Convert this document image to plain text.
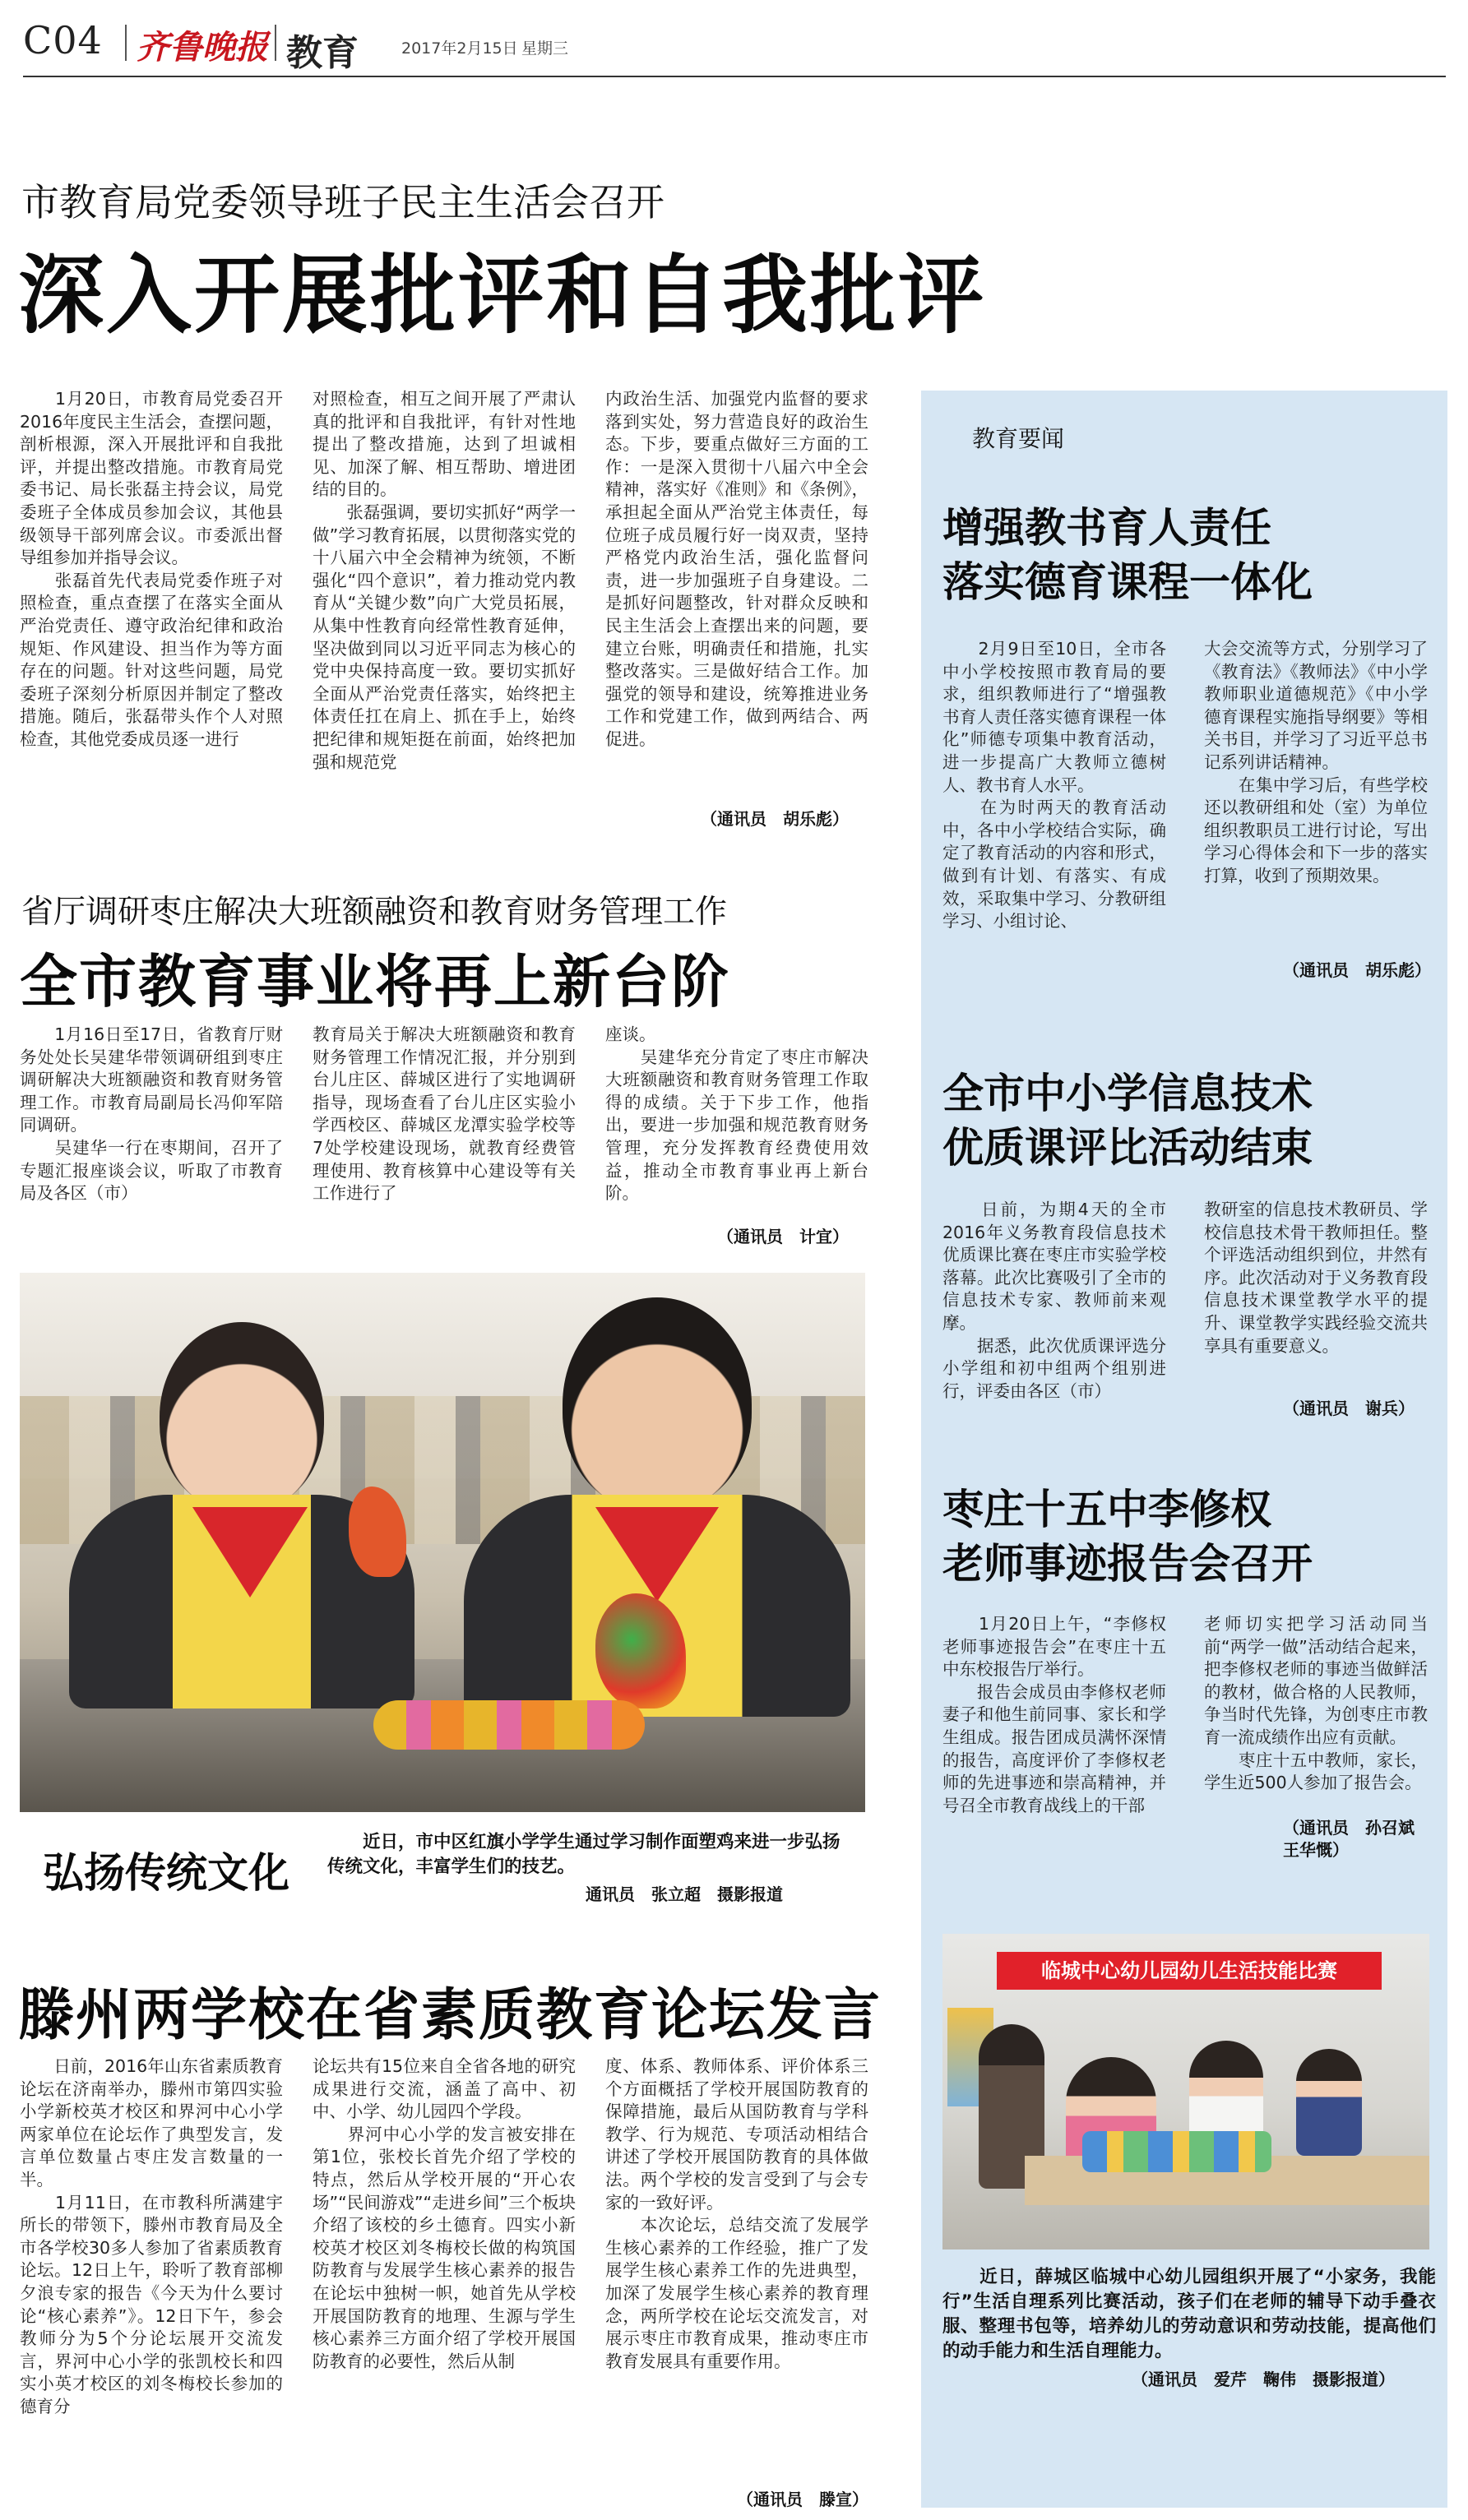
C04 齐鲁晚报 教育	2017年2月15日 星期三
市教育局党委领导班子民主生活会召开
深入开展批评和自我批评
　　1月20日，市教育局党委召开2016年度民主生活会，查摆问题，剖析根源，深入开展批评和自我批评，并提出整改措施。市教育局党委书记、局长张磊主持会议，局党委班子全体成员参加会议，其他县级领导干部列席会议。市委派出督导组参加并指导会议。
　　张磊首先代表局党委作班子对照检查，重点查摆了在落实全面从严治党责任、遵守政治纪律和政治规矩、作风建设、担当作为等方面存在的问题。针对这些问题，局党委班子深刻分析原因并制定了整改措施。随后，张磊带头作个人对照检查，其他党委成员逐一进行
对照检查，相互之间开展了严肃认真的批评和自我批评，有针对性地提出了整改措施，达到了坦诚相见、加深了解、相互帮助、增进团结的目的。
　　张磊强调，要切实抓好“两学一做”学习教育拓展，以贯彻落实党的十八届六中全会精神为统领，不断强化“四个意识”，着力推动党内教育从“关键少数”向广大党员拓展，从集中性教育向经常性教育延伸，坚决做到同以习近平同志为核心的党中央保持高度一致。要切实抓好全面从严治党责任落实，始终把主体责任扛在肩上、抓在手上，始终把纪律和规矩挺在前面，始终把加强和规范党
内政治生活、加强党内监督的要求落到实处，努力营造良好的政治生态。下步，要重点做好三方面的工作：一是深入贯彻十八届六中全会精神，落实好《准则》和《条例》，承担起全面从严治党主体责任，每位班子成员履行好一岗双责，坚持严格党内政治生活，强化监督问责，进一步加强班子自身建设。二是抓好问题整改，针对群众反映和民主生活会上查摆出来的问题，要建立台账，明确责任和措施，扎实整改落实。三是做好结合工作。加强党的领导和建设，统筹推进业务工作和党建工作，做到两结合、两促进。
（通讯员　胡乐彪）
省厅调研枣庄解决大班额融资和教育财务管理工作
全市教育事业将再上新台阶
　　1月16日至17日，省教育厅财务处处长吴建华带领调研组到枣庄调研解决大班额融资和教育财务管理工作。市教育局副局长冯仰军陪同调研。
　　吴建华一行在枣期间，召开了专题汇报座谈会议，听取了市教育局及各区（市）
教育局关于解决大班额融资和教育财务管理工作情况汇报，并分别到台儿庄区、薛城区进行了实地调研指导，现场查看了台儿庄区实验小学西校区、薛城区龙潭实验学校等7处学校建设现场，就教育经费管理使用、教育核算中心建设等有关工作进行了
座谈。
　　吴建华充分肯定了枣庄市解决大班额融资和教育财务管理工作取得的成绩。关于下步工作，他指出，要进一步加强和规范教育财务管理，充分发挥教育经费使用效益，推动全市教育事业再上新台阶。
（通讯员　计宜）
弘扬传统文化
近日，市中区红旗小学学生通过学习制作面塑鸡来进一步弘扬传统文化，丰富学生们的技艺。
通讯员　张立超　摄影报道
滕州两学校在省素质教育论坛发言
　　日前，2016年山东省素质教育论坛在济南举办，滕州市第四实验小学新校英才校区和界河中心小学两家单位在论坛作了典型发言，发言单位数量占枣庄发言数量的一半。
　　1月11日，在市教科所满建宇所长的带领下，滕州市教育局及全市各学校30多人参加了省素质教育论坛。12日上午，聆听了教育部柳夕浪专家的报告《今天为什么要讨论“核心素养”》。12日下午，参会教师分为5个分论坛展开交流发言，界河中心小学的张凯校长和四实小英才校区的刘冬梅校长参加的德育分
论坛共有15位来自全省各地的研究成果进行交流，涵盖了高中、初中、小学、幼儿园四个学段。
　　界河中心小学的发言被安排在第1位，张校长首先介绍了学校的特点，然后从学校开展的“开心农场”“民间游戏”“走进乡间”三个板块介绍了该校的乡土德育。四实小新校英才校区刘冬梅校长做的构筑国防教育与发展学生核心素养的报告在论坛中独树一帜，她首先从学校开展国防教育的地理、生源与学生核心素养三方面介绍了学校开展国防教育的必要性，然后从制
度、体系、教师体系、评价体系三个方面概括了学校开展国防教育的保障措施，最后从国防教育与学科教学、行为规范、专项活动相结合讲述了学校开展国防教育的具体做法。两个学校的发言受到了与会专家的一致好评。
　　本次论坛，总结交流了发展学生核心素养的工作经验，推广了发展学生核心素养工作的先进典型，加深了发展学生核心素养的教育理念，两所学校在论坛交流发言，对展示枣庄市教育成果，推动枣庄市教育发展具有重要作用。
（通讯员　滕宣）
教育要闻
增强教书育人责任
落实德育课程一体化
　　2月9日至10日，全市各中小学校按照市教育局的要求，组织教师进行了“增强教书育人责任落实德育课程一体化”师德专项集中教育活动，进一步提高广大教师立德树人、教书育人水平。
　　在为时两天的教育活动中，各中小学校结合实际，确定了教育活动的内容和形式，做到有计划、有落实、有成效，采取集中学习、分教研组学习、小组讨论、
大会交流等方式，分别学习了《教育法》《教师法》《中小学教师职业道德规范》《中小学德育课程实施指导纲要》等相关书目，并学习了习近平总书记系列讲话精神。
　　在集中学习后，有些学校还以教研组和处（室）为单位组织教职员工进行讨论，写出学习心得体会和下一步的落实打算，收到了预期效果。
（通讯员　胡乐彪）
全市中小学信息技术
优质课评比活动结束
　　日前，为期4天的全市2016年义务教育段信息技术优质课比赛在枣庄市实验学校落幕。此次比赛吸引了全市的信息技术专家、教师前来观摩。
　　据悉，此次优质课评选分小学组和初中组两个组别进行，评委由各区（市）
教研室的信息技术教研员、学校信息技术骨干教师担任。整个评选活动组织到位，井然有序。此次活动对于义务教育段信息技术课堂教学水平的提升、课堂教学实践经验交流共享具有重要意义。
（通讯员　谢兵）
枣庄十五中李修权
老师事迹报告会召开
　　1月20日上午，“李修权老师事迹报告会”在枣庄十五中东校报告厅举行。
　　报告会成员由李修权老师妻子和他生前同事、家长和学生组成。报告团成员满怀深情的报告，高度评价了李修权老师的先进事迹和崇高精神，并号召全市教育战线上的干部
老师切实把学习活动同当前“两学一做”活动结合起来，把李修权老师的事迹当做鲜活的教材，做合格的人民教师，争当时代先锋，为创枣庄市教育一流成绩作出应有贡献。
　　枣庄十五中教师，家长，学生近500人参加了报告会。
（通讯员　孙召斌
王华慨）
临城中心幼儿园幼儿生活技能比赛
　　近日，薛城区临城中心幼儿园组织开展了“小家务，我能行”生活自理系列比赛活动，孩子们在老师的辅导下动手叠衣服、整理书包等，培养幼儿的劳动意识和劳动技能，提高他们的动手能力和生活自理能力。
（通讯员　爱芹　鞠伟　摄影报道）
